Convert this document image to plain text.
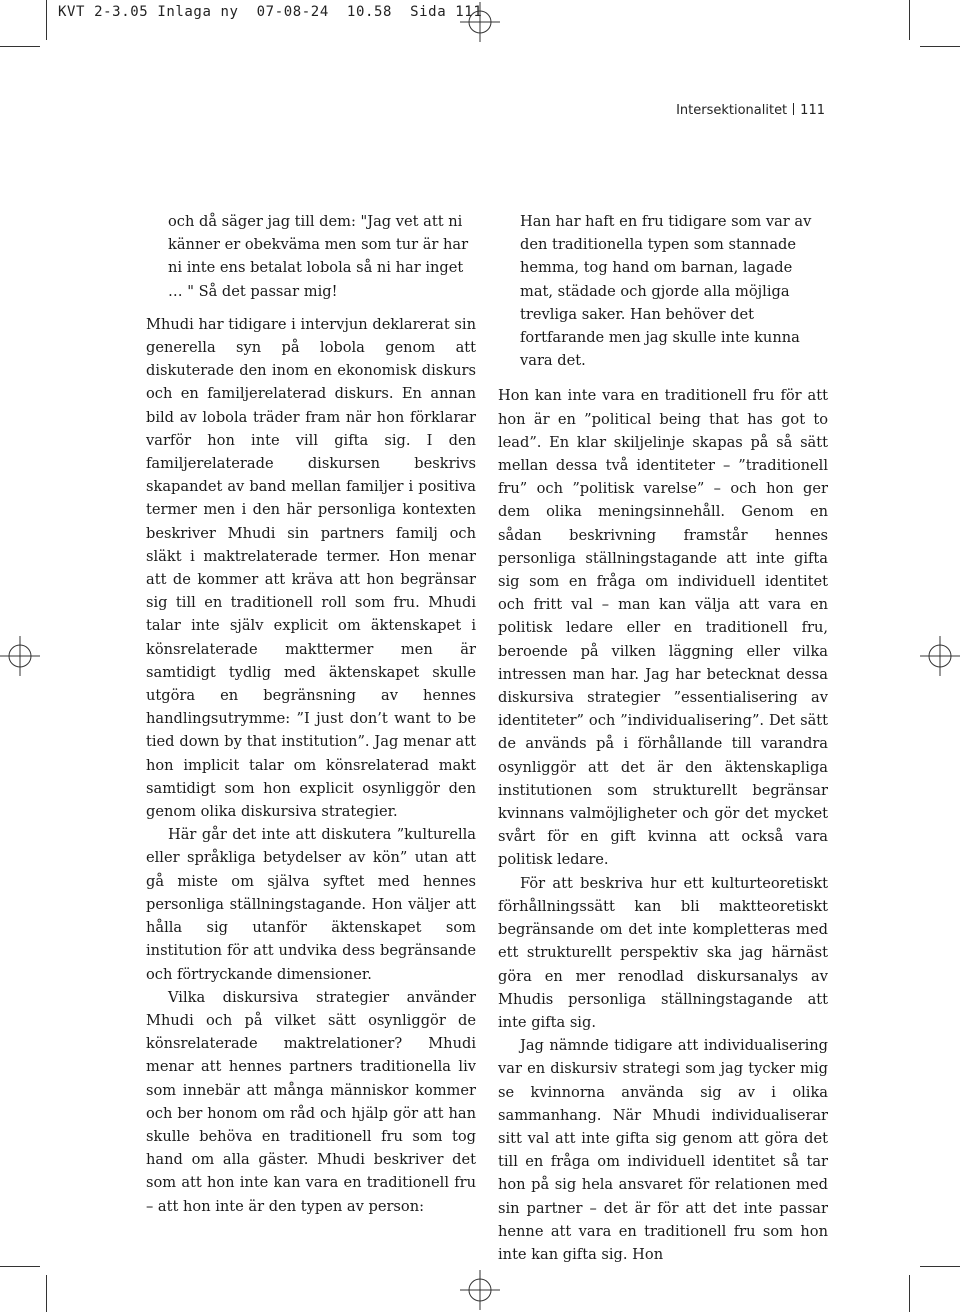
KVT 2-3.05 Inlaga ny  07-08-24  10.58  Sida 111
Intersektionalitet 111

och då säger jag till dem: "Jag vet att ni känner er obekväma men som tur är har ni inte ens betalat lobola så ni har inget … " Så det passar mig!

Mhudi har tidigare i intervjun deklarerat sin generella syn på lobola genom att diskuterade den inom en ekonomisk diskurs och en familjerelaterad diskurs. En annan bild av lobola träder fram när hon förklarar varför hon inte vill gifta sig. I den familjerelaterade diskursen beskrivs skapandet av band mellan familjer i positiva termer men i den här personliga kontexten beskriver Mhudi sin partners familj och släkt i maktrelaterade termer. Hon menar att de kommer att kräva att hon begränsar sig till en traditionell roll som fru. Mhudi talar inte själv explicit om äktenskapet i könsrelaterade makttermer men är samtidigt tydlig med äktenskapet skulle utgöra en begränsning av hennes handlingsutrymme: ”I just don’t want to be tied down by that institution”. Jag menar att hon implicit talar om könsrelaterad makt samtidigt som hon explicit osynliggör den genom olika diskursiva strategier.

Här går det inte att diskutera ”kulturella eller språkliga betydelser av kön” utan att gå miste om själva syftet med hennes personliga ställningstagande. Hon väljer att hålla sig utanför äktenskapet som institution för att undvika dess begränsande och förtryckande dimensioner.

Vilka diskursiva strategier använder Mhudi och på vilket sätt osynliggör de könsrelaterade maktrelationer? Mhudi menar att hennes partners traditionella liv som innebär att många människor kommer och ber honom om råd och hjälp gör att han skulle behöva en traditionell fru som tog hand om alla gäster. Mhudi beskriver det som att hon inte kan vara en traditionell fru – att hon inte är den typen av person:

Han har haft en fru tidigare som var av den traditionella typen som stannade hemma, tog hand om barnan, lagade mat, städade och gjorde alla möjliga trevliga saker. Han behöver det fortfarande men jag skulle inte kunna vara det.

Hon kan inte vara en traditionell fru för att hon är en ”political being that has got to lead”. En klar skiljelinje skapas på så sätt mellan dessa två identiteter – ”traditionell fru” och ”politisk varelse” – och hon ger dem olika meningsinnehåll. Genom en sådan beskrivning framstår hennes personliga ställningstagande att inte gifta sig som en fråga om individuell identitet och fritt val – man kan välja att vara en politisk ledare eller en traditionell fru, beroende på vilken läggning eller vilka intressen man har. Jag har betecknat dessa diskursiva strategier ”essentialisering av identiteter” och ”individualisering”. Det sätt de används på i förhållande till varandra osynliggör att det är den äktenskapliga institutionen som strukturellt begränsar kvinnans valmöjligheter och gör det mycket svårt för en gift kvinna att också vara politisk ledare.

För att beskriva hur ett kulturteoretiskt förhållningssätt kan bli maktteoretiskt begränsande om det inte kompletteras med ett strukturellt perspektiv ska jag härnäst göra en mer renodlad diskursanalys av Mhudis personliga ställningstagande att inte gifta sig.

Jag nämnde tidigare att individualisering var en diskursiv strategi som jag tycker mig se kvinnorna använda sig av i olika sammanhang. När Mhudi individualiserar sitt val att inte gifta sig genom att göra det till en fråga om individuell identitet så tar hon på sig hela ansvaret för relationen med sin partner – det är för att det inte passar henne att vara en traditionell fru som hon inte kan gifta sig. Hon
